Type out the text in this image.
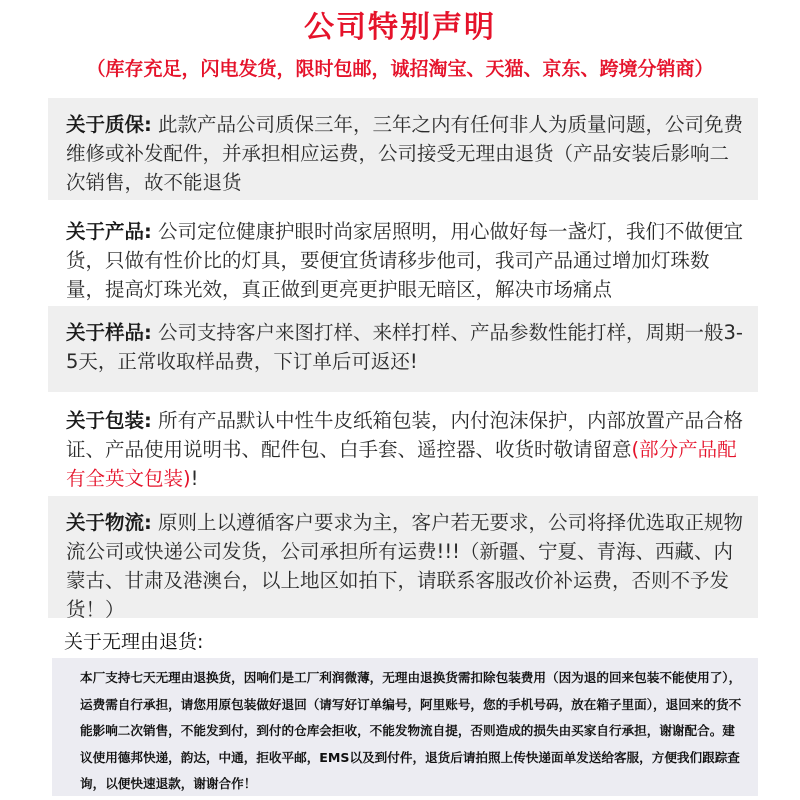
公司特别声明
（库存充足，闪电发货，限时包邮，诚招淘宝、天猫、京东、跨境分销商）
关于质保: 此款产品公司质保三年，三年之内有任何非人为质量问题，公司免费维修或补发配件，并承担相应运费，公司接受无理由退货（产品安装后影响二次销售，故不能退货
关于产品: 公司定位健康护眼时尚家居照明，用心做好每一盏灯，我们不做便宜货，只做有性价比的灯具，要便宜货请移步他司，我司产品通过增加灯珠数量，提高灯珠光效，真正做到更亮更护眼无暗区，解决市场痛点
关于样品: 公司支持客户来图打样、来样打样、产品参数性能打样，周期一般3-5天，正常收取样品费，下订单后可返还!
关于包装: 所有产品默认中性牛皮纸箱包装，内付泡沫保护，内部放置产品合格证、产品使用说明书、配件包、白手套、遥控器、收货时敬请留意(部分产品配有全英文包装)!
关于物流: 原则上以遵循客户要求为主，客户若无要求，公司将择优选取正规物流公司或快递公司发货，公司承担所有运费!!!（新疆、宁夏、青海、西藏、内蒙古、甘肃及港澳台，以上地区如拍下，请联系客服改价补运费，否则不予发货！）
关于无理由退货:
本厂支持七天无理由退换货，因响们是工厂利润微薄，无理由退换货需扣除包装费用（因为退的回来包装不能使用了），运费需自行承担，请您用原包装做好退回（请写好订单编号，阿里账号，您的手机号码，放在箱子里面），退回来的货不能影响二次销售，不能发到付，到付的仓库会拒收，不能发物流自提，否则造成的损失由买家自行承担，谢谢配合。建议使用德邦快递，韵达，中通，拒收平邮，EMS以及到付件，退货后请拍照上传快递面单发送给客服，方便我们跟踪查询，以便快速退款，谢谢合作！
